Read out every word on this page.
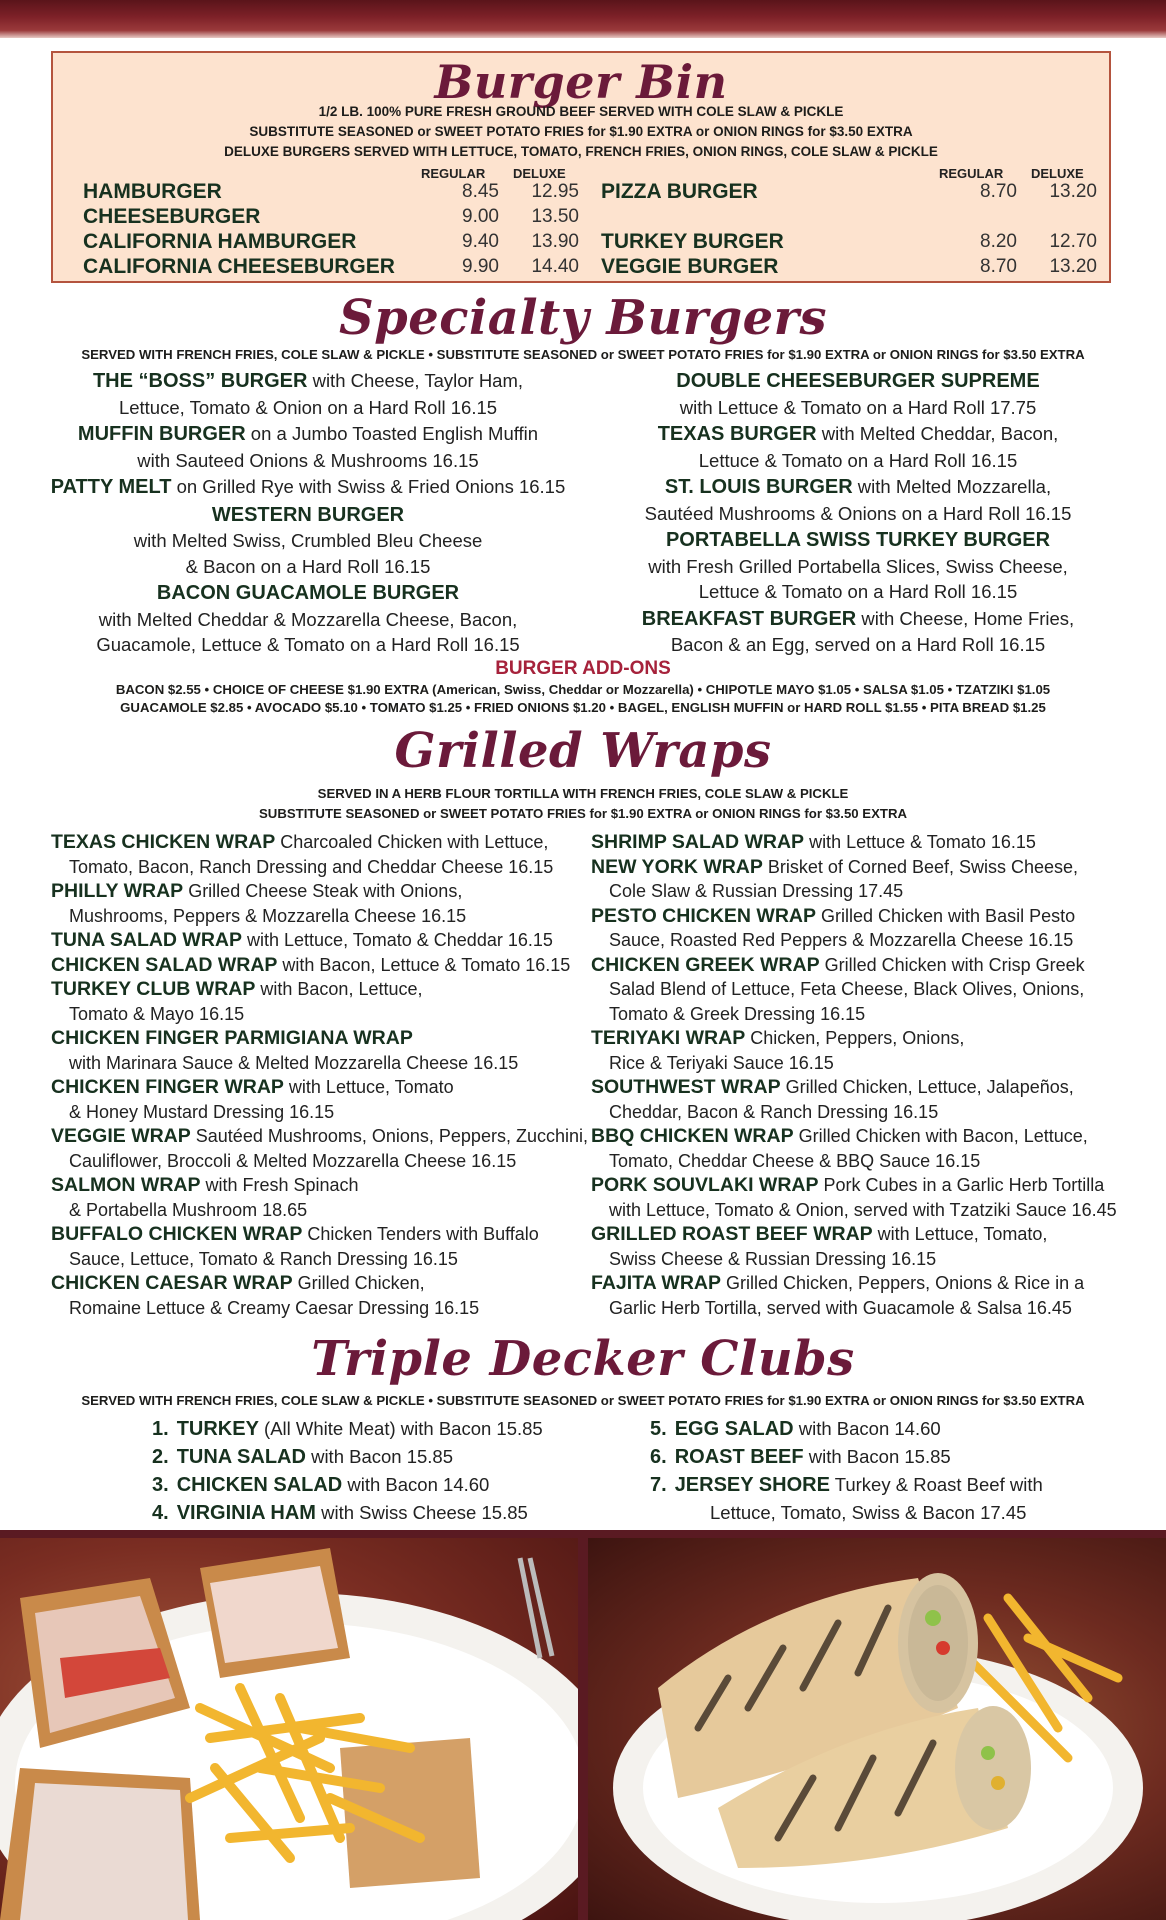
Burger Bin
1/2 LB. 100% PURE FRESH GROUND BEEF SERVED WITH COLE SLAW & PICKLE
SUBSTITUTE SEASONED or SWEET POTATO FRIES for $1.90 EXTRA or ONION RINGS for $3.50 EXTRA
DELUXE BURGERS SERVED WITH LETTUCE, TOMATO, FRENCH FRIES, ONION RINGS, COLE SLAW & PICKLE
REGULAR DELUXE	REGULAR DELUXE
HAMBURGER	8.45	12.95
CHEESEBURGER	9.00	13.50
CALIFORNIA HAMBURGER	9.40	13.90
CALIFORNIA CHEESEBURGER	9.90	14.40
PIZZA BURGER	8.70	13.20
TURKEY BURGER	8.20	12.70
VEGGIE BURGER	8.70	13.20
Specialty Burgers
SERVED WITH FRENCH FRIES, COLE SLAW & PICKLE • SUBSTITUTE SEASONED or SWEET POTATO FRIES for $1.90 EXTRA or ONION RINGS for $3.50 EXTRA
THE “BOSS” BURGER with Cheese, Taylor Ham,
Lettuce, Tomato & Onion on a Hard Roll 16.15
MUFFIN BURGER on a Jumbo Toasted English Muffin
with Sauteed Onions & Mushrooms 16.15
PATTY MELT on Grilled Rye with Swiss & Fried Onions 16.15
WESTERN BURGER
with Melted Swiss, Crumbled Bleu Cheese
& Bacon on a Hard Roll 16.15
BACON GUACAMOLE BURGER
with Melted Cheddar & Mozzarella Cheese, Bacon,
Guacamole, Lettuce & Tomato on a Hard Roll 16.15
DOUBLE CHEESEBURGER SUPREME
with Lettuce & Tomato on a Hard Roll 17.75
TEXAS BURGER with Melted Cheddar, Bacon,
Lettuce & Tomato on a Hard Roll 16.15
ST. LOUIS BURGER with Melted Mozzarella,
Sautéed Mushrooms & Onions on a Hard Roll 16.15
PORTABELLA SWISS TURKEY BURGER
with Fresh Grilled Portabella Slices, Swiss Cheese,
Lettuce & Tomato on a Hard Roll 16.15
BREAKFAST BURGER with Cheese, Home Fries,
Bacon & an Egg, served on a Hard Roll 16.15
BURGER ADD-ONS
BACON $2.55 • CHOICE OF CHEESE $1.90 EXTRA (American, Swiss, Cheddar or Mozzarella) • CHIPOTLE MAYO $1.05 • SALSA $1.05 • TZATZIKI $1.05
GUACAMOLE $2.85 • AVOCADO $5.10 • TOMATO $1.25 • FRIED ONIONS $1.20 • BAGEL, ENGLISH MUFFIN or HARD ROLL $1.55 • PITA BREAD $1.25
Grilled Wraps
SERVED IN A HERB FLOUR TORTILLA WITH FRENCH FRIES, COLE SLAW & PICKLE
SUBSTITUTE SEASONED or SWEET POTATO FRIES for $1.90 EXTRA or ONION RINGS for $3.50 EXTRA
TEXAS CHICKEN WRAP Charcoaled Chicken with Lettuce,
Tomato, Bacon, Ranch Dressing and Cheddar Cheese 16.15
PHILLY WRAP Grilled Cheese Steak with Onions,
Mushrooms, Peppers & Mozzarella Cheese 16.15
TUNA SALAD WRAP with Lettuce, Tomato & Cheddar 16.15
CHICKEN SALAD WRAP with Bacon, Lettuce & Tomato 16.15
TURKEY CLUB WRAP with Bacon, Lettuce,
Tomato & Mayo 16.15
CHICKEN FINGER PARMIGIANA WRAP
with Marinara Sauce & Melted Mozzarella Cheese 16.15
CHICKEN FINGER WRAP with Lettuce, Tomato
& Honey Mustard Dressing 16.15
VEGGIE WRAP Sautéed Mushrooms, Onions, Peppers, Zucchini,
Cauliflower, Broccoli & Melted Mozzarella Cheese 16.15
SALMON WRAP with Fresh Spinach
& Portabella Mushroom 18.65
BUFFALO CHICKEN WRAP Chicken Tenders with Buffalo
Sauce, Lettuce, Tomato & Ranch Dressing 16.15
CHICKEN CAESAR WRAP Grilled Chicken,
Romaine Lettuce & Creamy Caesar Dressing 16.15
SHRIMP SALAD WRAP with Lettuce & Tomato 16.15
NEW YORK WRAP Brisket of Corned Beef, Swiss Cheese,
Cole Slaw & Russian Dressing 17.45
PESTO CHICKEN WRAP Grilled Chicken with Basil Pesto
Sauce, Roasted Red Peppers & Mozzarella Cheese 16.15
CHICKEN GREEK WRAP Grilled Chicken with Crisp Greek
Salad Blend of Lettuce, Feta Cheese, Black Olives, Onions,
Tomato & Greek Dressing 16.15
TERIYAKI WRAP Chicken, Peppers, Onions,
Rice & Teriyaki Sauce 16.15
SOUTHWEST WRAP Grilled Chicken, Lettuce, Jalapeños,
Cheddar, Bacon & Ranch Dressing 16.15
BBQ CHICKEN WRAP Grilled Chicken with Bacon, Lettuce,
Tomato, Cheddar Cheese & BBQ Sauce 16.15
PORK SOUVLAKI WRAP Pork Cubes in a Garlic Herb Tortilla
with Lettuce, Tomato & Onion, served with Tzatziki Sauce 16.45
GRILLED ROAST BEEF WRAP with Lettuce, Tomato,
Swiss Cheese & Russian Dressing 16.15
FAJITA WRAP Grilled Chicken, Peppers, Onions & Rice in a
Garlic Herb Tortilla, served with Guacamole & Salsa 16.45
Triple Decker Clubs
SERVED WITH FRENCH FRIES, COLE SLAW & PICKLE • SUBSTITUTE SEASONED or SWEET POTATO FRIES for $1.90 EXTRA or ONION RINGS for $3.50 EXTRA
1. TURKEY (All White Meat) with Bacon 15.85
2. TUNA SALAD with Bacon 15.85
3. CHICKEN SALAD with Bacon 14.60
4. VIRGINIA HAM with Swiss Cheese 15.85
5. EGG SALAD with Bacon 14.60
6. ROAST BEEF with Bacon 15.85
7. JERSEY SHORE Turkey & Roast Beef with
Lettuce, Tomato, Swiss & Bacon 17.45
